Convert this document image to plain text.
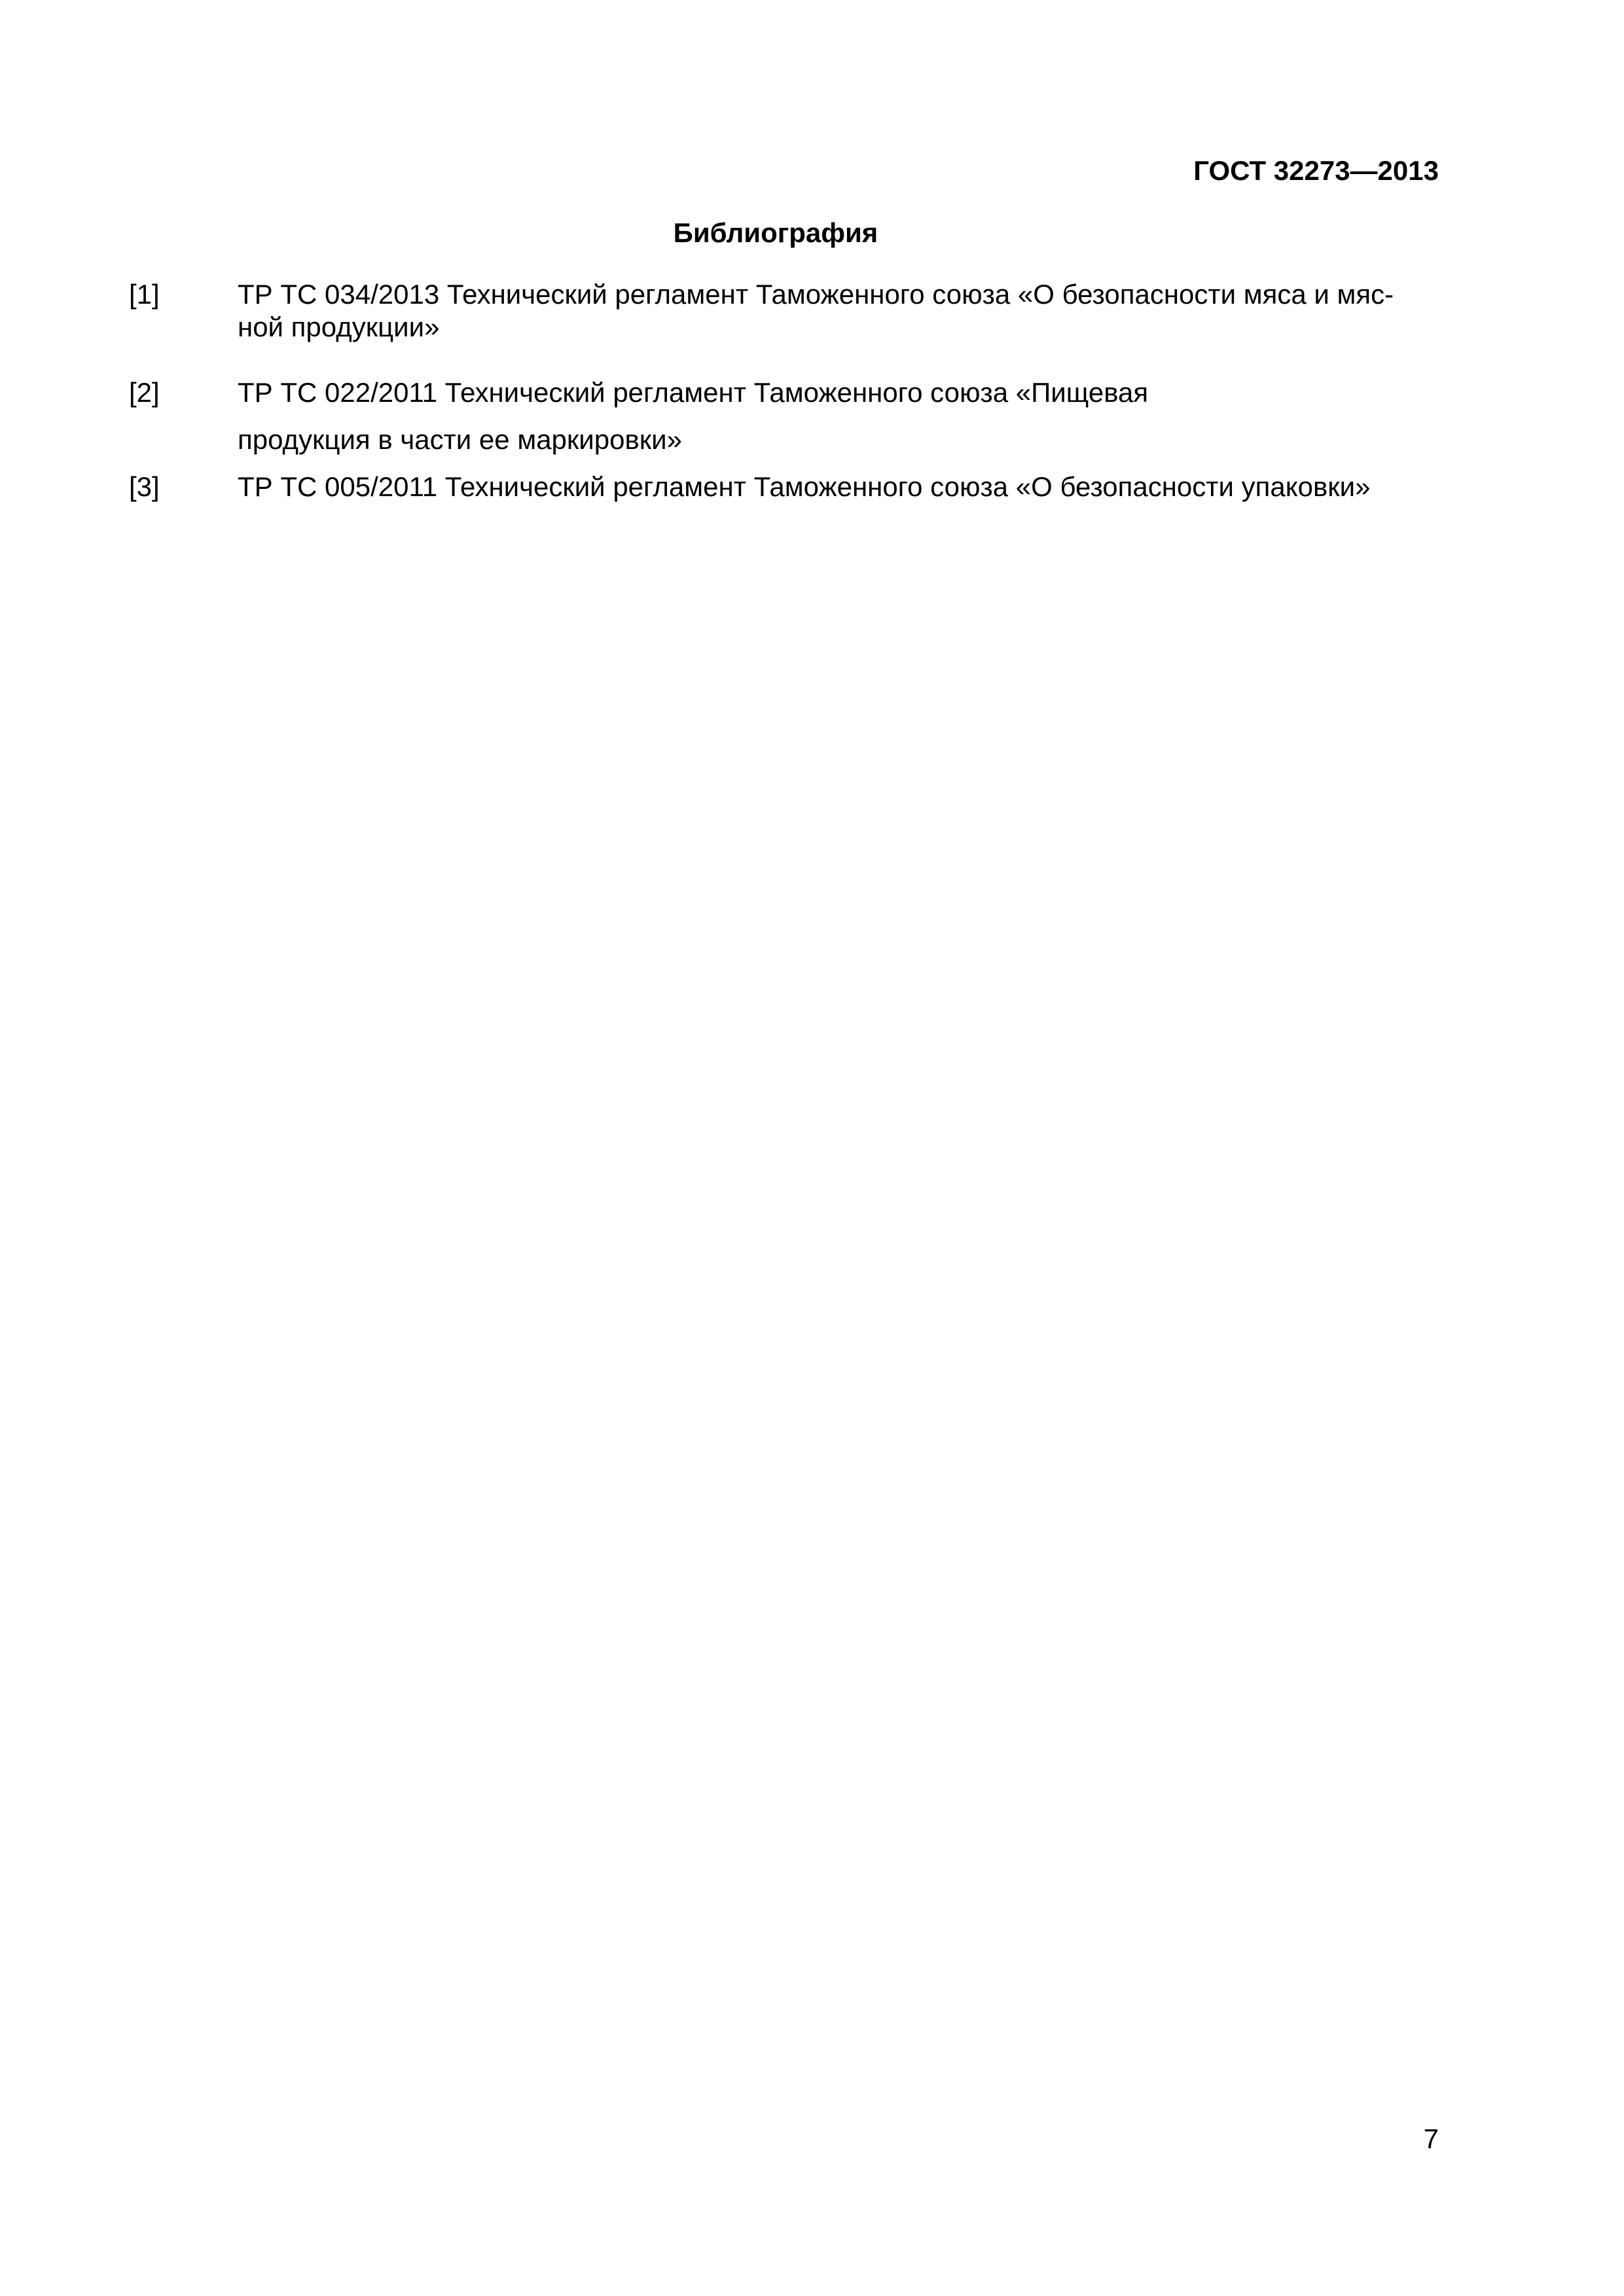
ГОСТ 32273—2013
Библиография
[1]	ТР ТС 034/2013 Технический регламент Таможенного союза «О безопасности мяса и мяс-
ной продукции»
[2]	ТР ТС 022/2011 Технический регламент Таможенного союза «Пищевая
продукция в части ее маркировки»
[3]	ТР ТС 005/2011 Технический регламент Таможенного союза «О безопасности упаковки»
7
